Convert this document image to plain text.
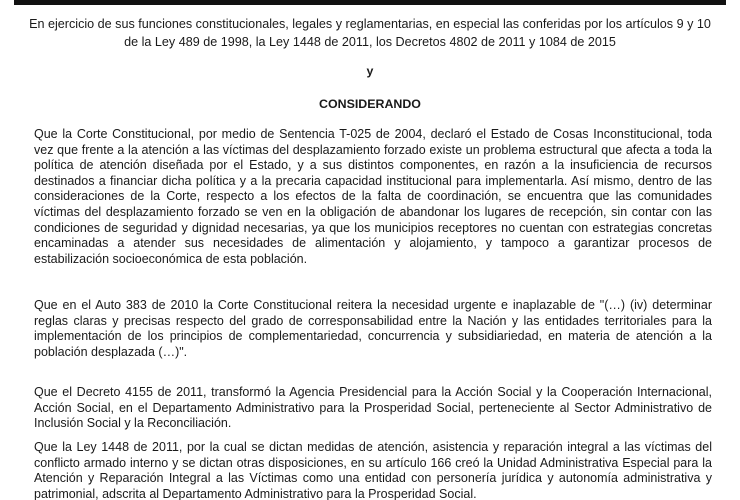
En ejercicio de sus funciones constitucionales, legales y reglamentarias, en especial las conferidas por los artículos 9 y 10 de la Ley 489 de 1998, la Ley 1448 de 2011, los Decretos 4802 de 2011 y 1084 de 2015

y

CONSIDERANDO

Que la Corte Constitucional, por medio de Sentencia T-025 de 2004, declaró el Estado de Cosas Inconstitucional, toda vez que frente a la atención a las víctimas del desplazamiento forzado existe un problema estructural que afecta a toda la política de atención diseñada por el Estado, y a sus distintos componentes, en razón a la insuficiencia de recursos destinados a financiar dicha política y a la precaria capacidad institucional para implementarla. Así mismo, dentro de las consideraciones de la Corte, respecto a los efectos de la falta de coordinación, se encuentra que las comunidades víctimas del desplazamiento forzado se ven en la obligación de abandonar los lugares de recepción, sin contar con las condiciones de seguridad y dignidad necesarias, ya que los municipios receptores no cuentan con estrategias concretas encaminadas a atender sus necesidades de alimentación y alojamiento, y tampoco a garantizar procesos de estabilización socioeconómica de esta población.

Que en el Auto 383 de 2010 la Corte Constitucional reitera la necesidad urgente e inaplazable de "(…) (iv) determinar reglas claras y precisas respecto del grado de corresponsabilidad entre la Nación y las entidades territoriales para la implementación de los principios de complementariedad, concurrencia y subsidiariedad, en materia de atención a la población desplazada (…)".

Que el Decreto 4155 de 2011, transformó la Agencia Presidencial para la Acción Social y la Cooperación Internacional, Acción Social, en el Departamento Administrativo para la Prosperidad Social, perteneciente al Sector Administrativo de Inclusión Social y la Reconciliación.

Que la Ley 1448 de 2011, por la cual se dictan medidas de atención, asistencia y reparación integral a las víctimas del conflicto armado interno y se dictan otras disposiciones, en su artículo 166 creó la Unidad Administrativa Especial para la Atención y Reparación Integral a las Víctimas como una entidad con personería jurídica y autonomía administrativa y patrimonial, adscrita al Departamento Administrativo para la Prosperidad Social.
